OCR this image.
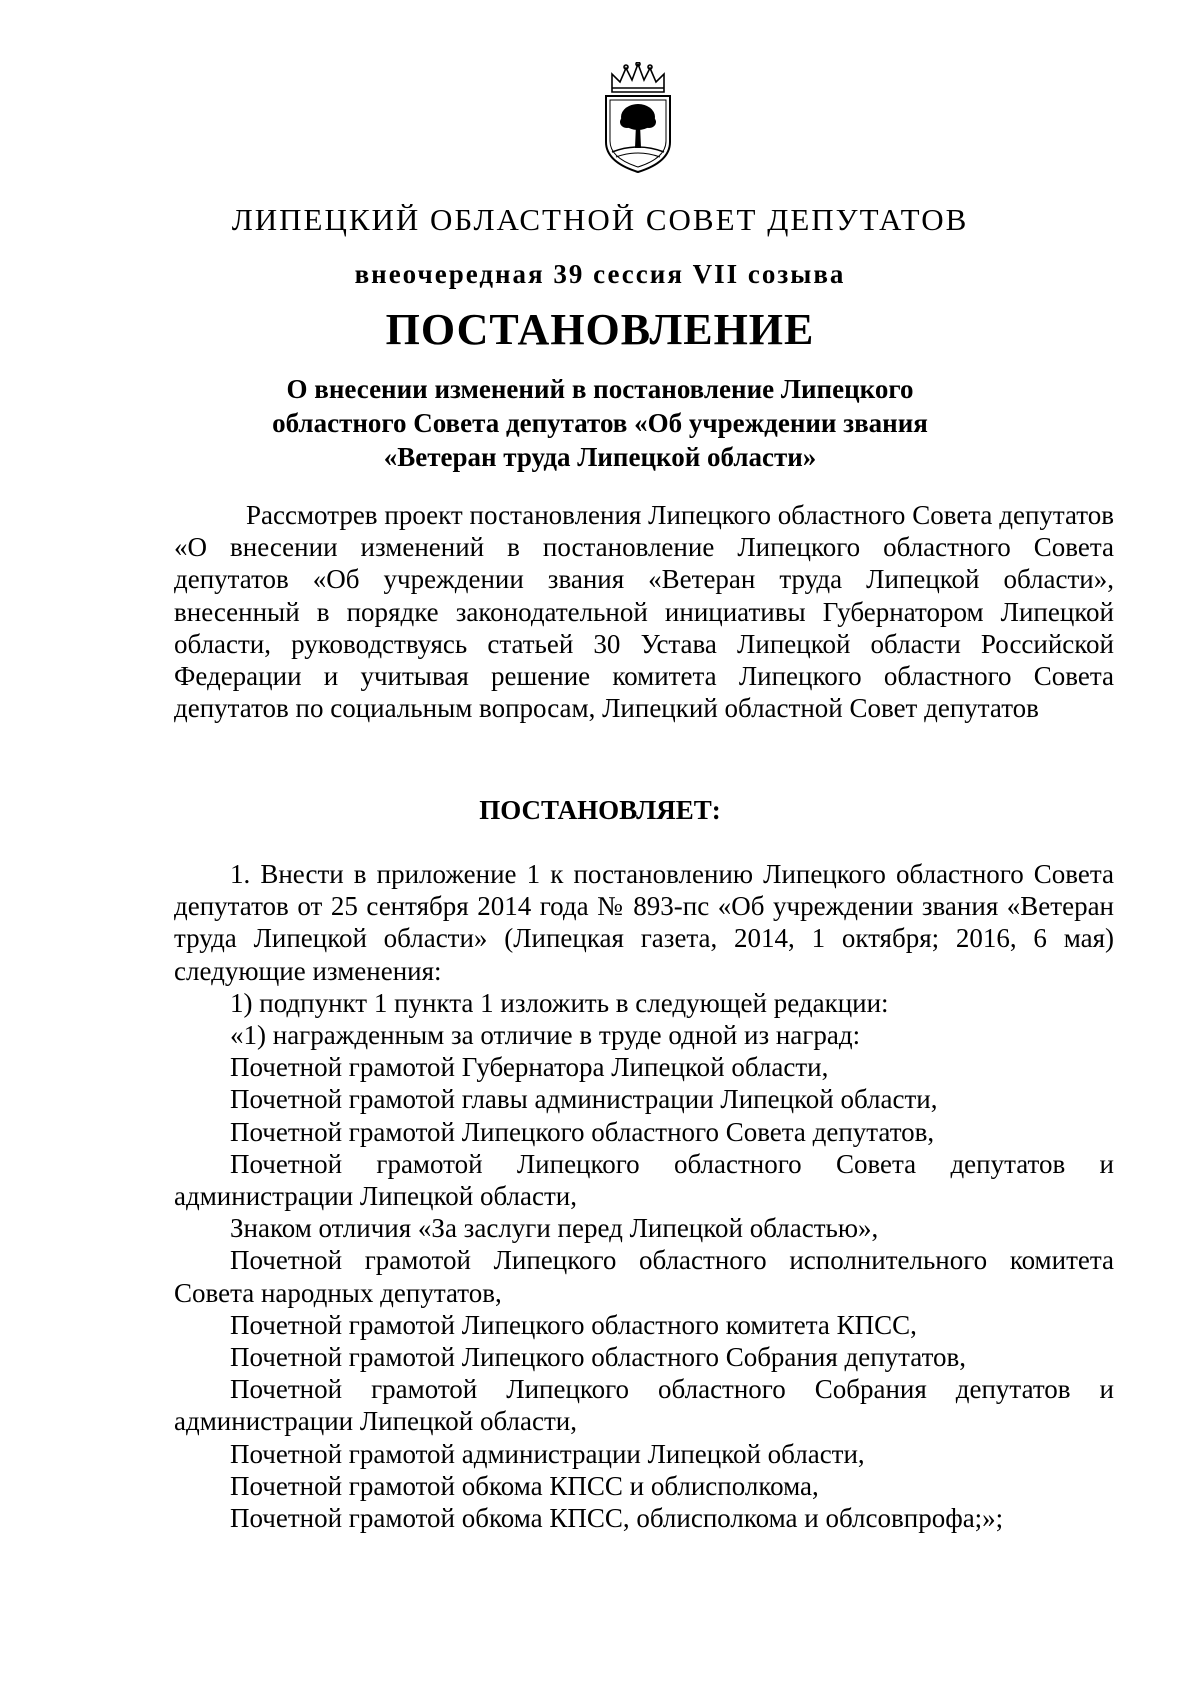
ЛИПЕЦКИЙ ОБЛАСТНОЙ СОВЕТ ДЕПУТАТОВ
внеочередная 39 сессия VII созыва
ПОСТАНОВЛЕНИЕ
О внесении изменений в постановление Липецкого
областного Совета депутатов «Об учреждении звания
«Ветеран труда Липецкой области»

Рассмотрев проект постановления Липецкого областного Совета депутатов «О внесении изменений в постановление Липецкого областного Совета депутатов «Об учреждении звания «Ветеран труда Липецкой области», внесенный в порядке законодательной инициативы Губернатором Липецкой области, руководствуясь статьей 30 Устава Липецкой области Российской Федерации и учитывая решение комитета Липецкого областного Совета депутатов по социальным вопросам, Липецкий областной Совет депутатов

ПОСТАНОВЛЯЕТ:

1. Внести в приложение 1 к постановлению Липецкого областного Совета депутатов от 25 сентября 2014 года № 893-пс «Об учреждении звания «Ветеран труда Липецкой области» (Липецкая газета, 2014, 1 октября; 2016, 6 мая) следующие изменения:

1) подпункт 1 пункта 1 изложить в следующей редакции:

«1) награжденным за отличие в труде одной из наград:

Почетной грамотой Губернатора Липецкой области,

Почетной грамотой главы администрации Липецкой области,

Почетной грамотой Липецкого областного Совета депутатов,

Почетной грамотой Липецкого областного Совета депутатов и администрации Липецкой области,

Знаком отличия «За заслуги перед Липецкой областью»,

Почетной грамотой Липецкого областного исполнительного комитета Совета народных депутатов,

Почетной грамотой Липецкого областного комитета КПСС,

Почетной грамотой Липецкого областного Собрания депутатов,

Почетной грамотой Липецкого областного Собрания депутатов и администрации Липецкой области,

Почетной грамотой администрации Липецкой области,

Почетной грамотой обкома КПСС и облисполкома,

Почетной грамотой обкома КПСС, облисполкома и облсовпрофа;»;
